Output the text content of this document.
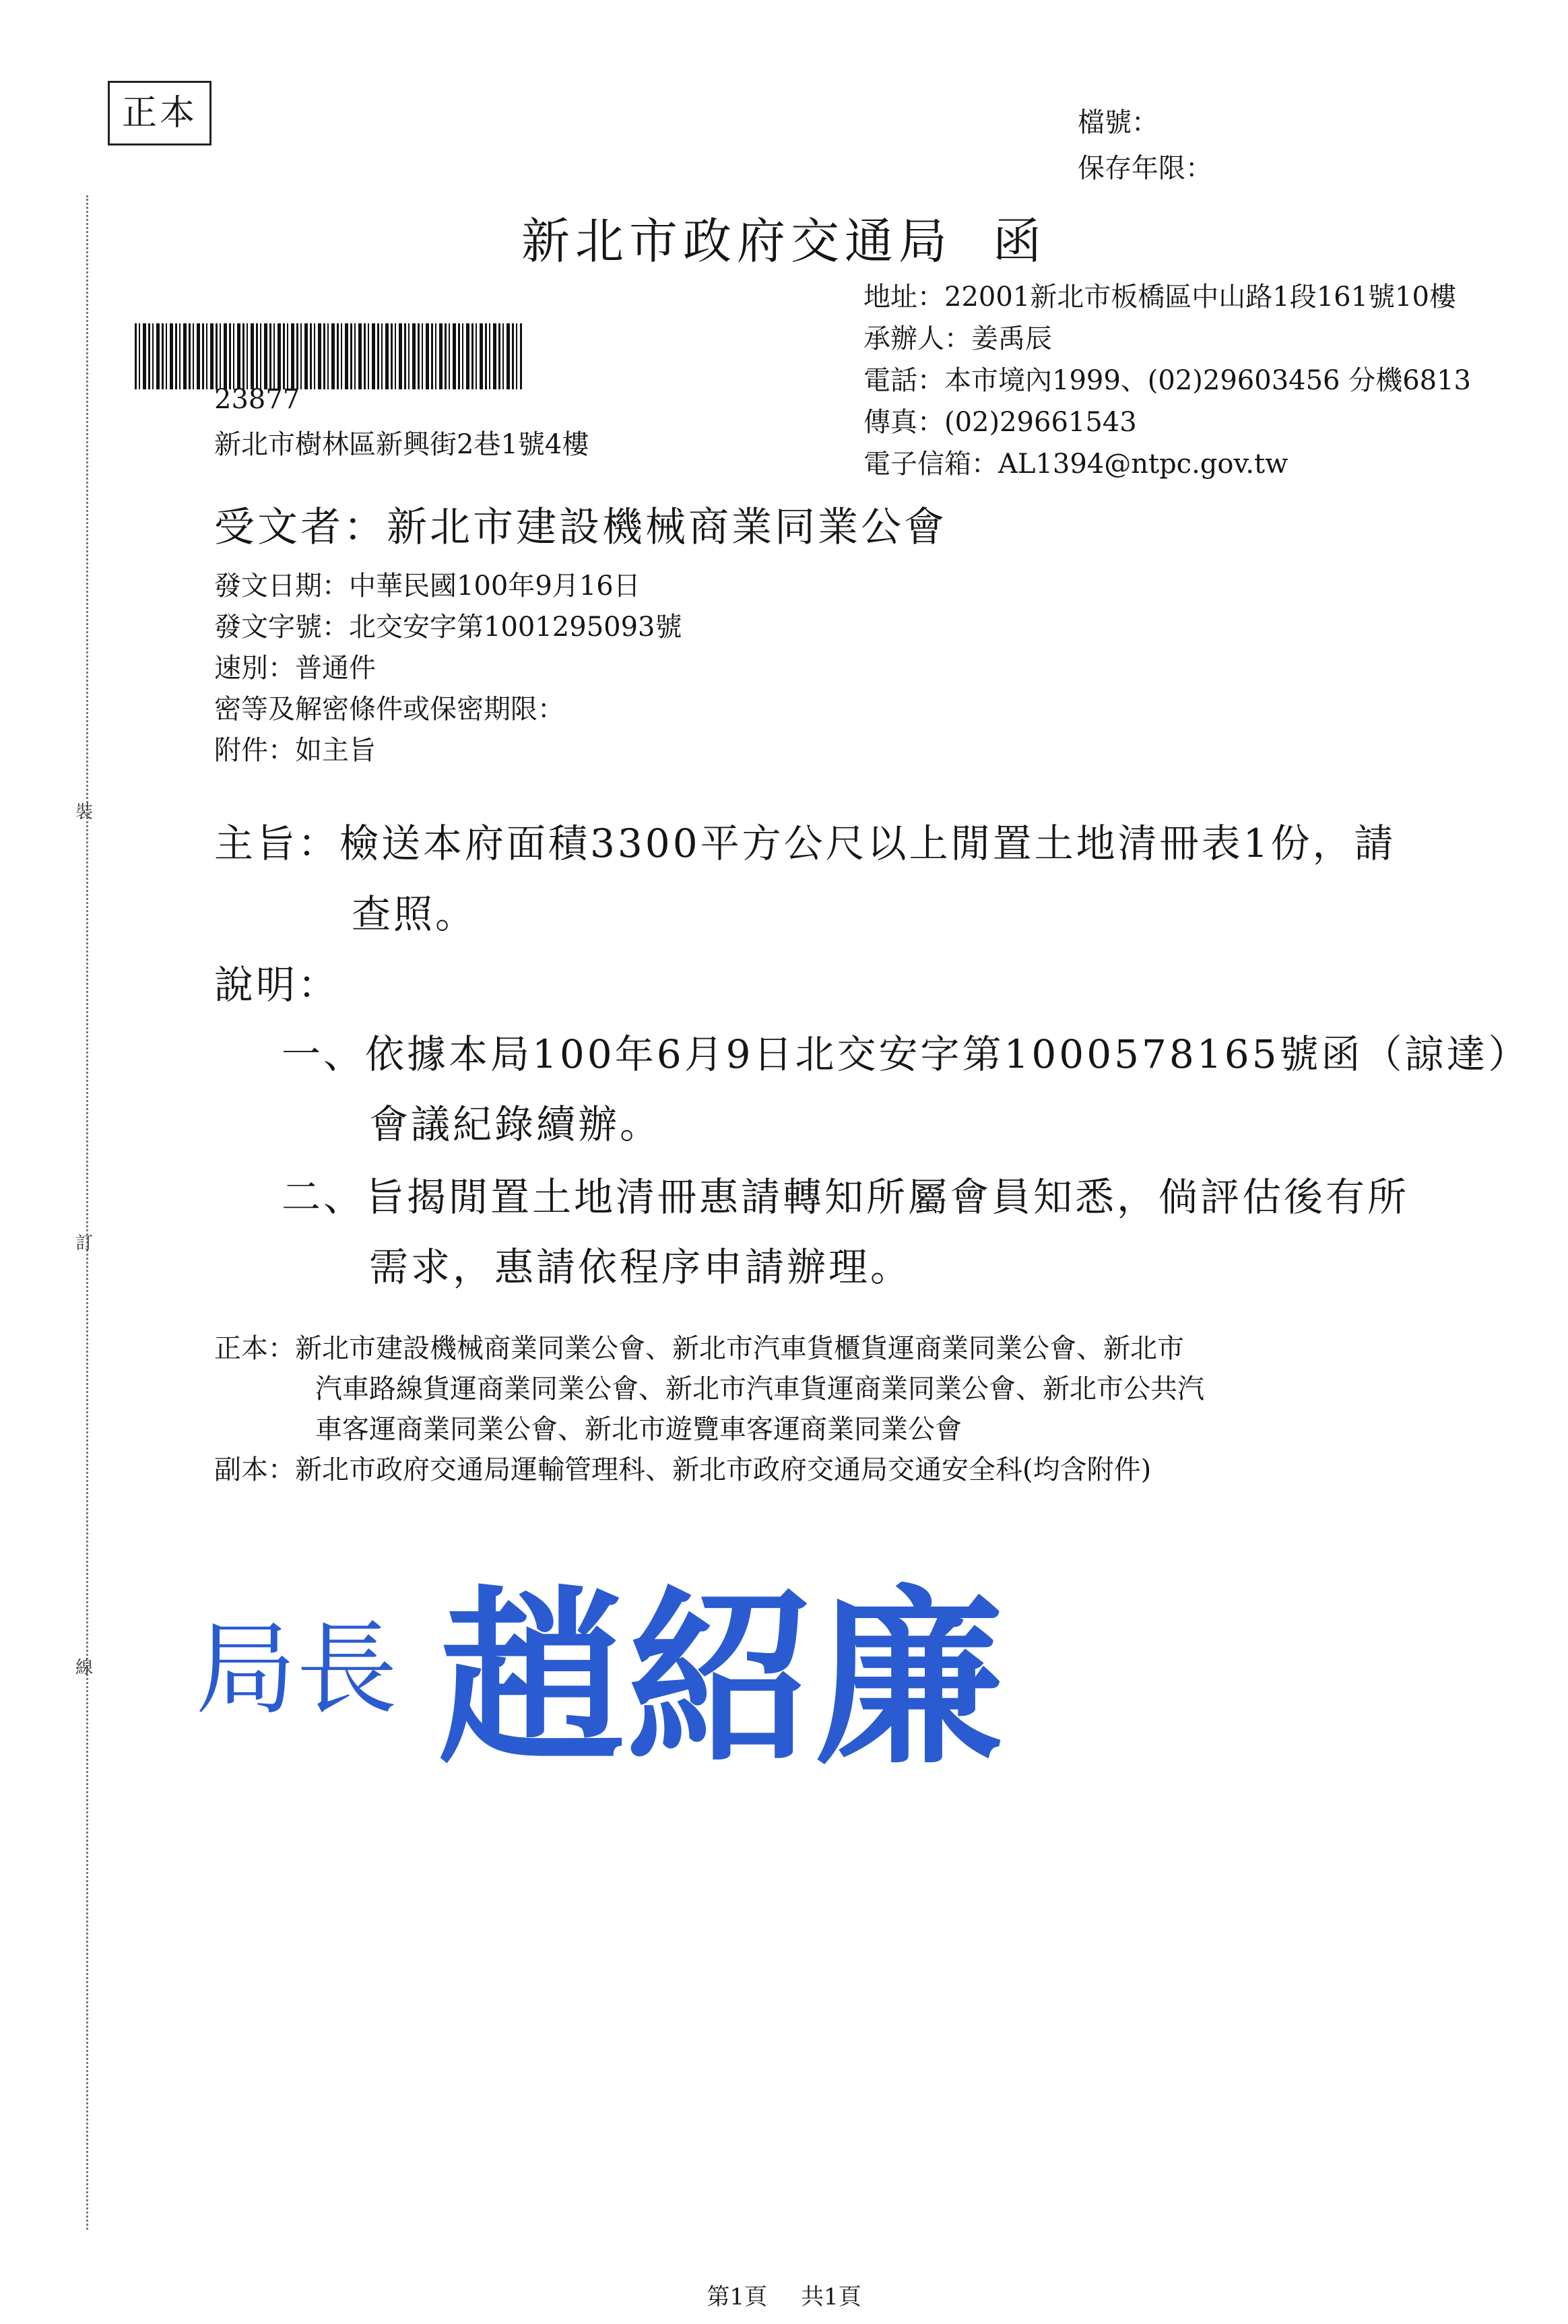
正本	檔號：
保存年限：
裝
訂
線
新北市政府交通局 函
23877
新北市樹林區新興街2巷1號4樓
地址：22001新北市板橋區中山路1段161號10樓
承辦人：姜禹辰
電話：本市境內1999、(02)29603456 分機6813
傳真：(02)29661543
電子信箱：AL1394@ntpc.gov.tw
受文者：新北市建設機械商業同業公會
發文日期：中華民國100年9月16日
發文字號：北交安字第1001295093號
速別：普通件
密等及解密條件或保密期限：
附件：如主旨
主旨：檢送本府面積3300平方公尺以上閒置土地清冊表1份，請
查照。
說明：
一、依據本局100年6月9日北交安字第1000578165號函（諒達）
會議紀錄續辦。
二、旨揭閒置土地清冊惠請轉知所屬會員知悉，倘評估後有所
需求，惠請依程序申請辦理。
正本：新北市建設機械商業同業公會、新北市汽車貨櫃貨運商業同業公會、新北市
汽車路線貨運商業同業公會、新北市汽車貨運商業同業公會、新北市公共汽
車客運商業同業公會、新北市遊覽車客運商業同業公會
副本：新北市政府交通局運輸管理科、新北市政府交通局交通安全科(均含附件)
局長 趙紹廉
第1頁 共1頁
